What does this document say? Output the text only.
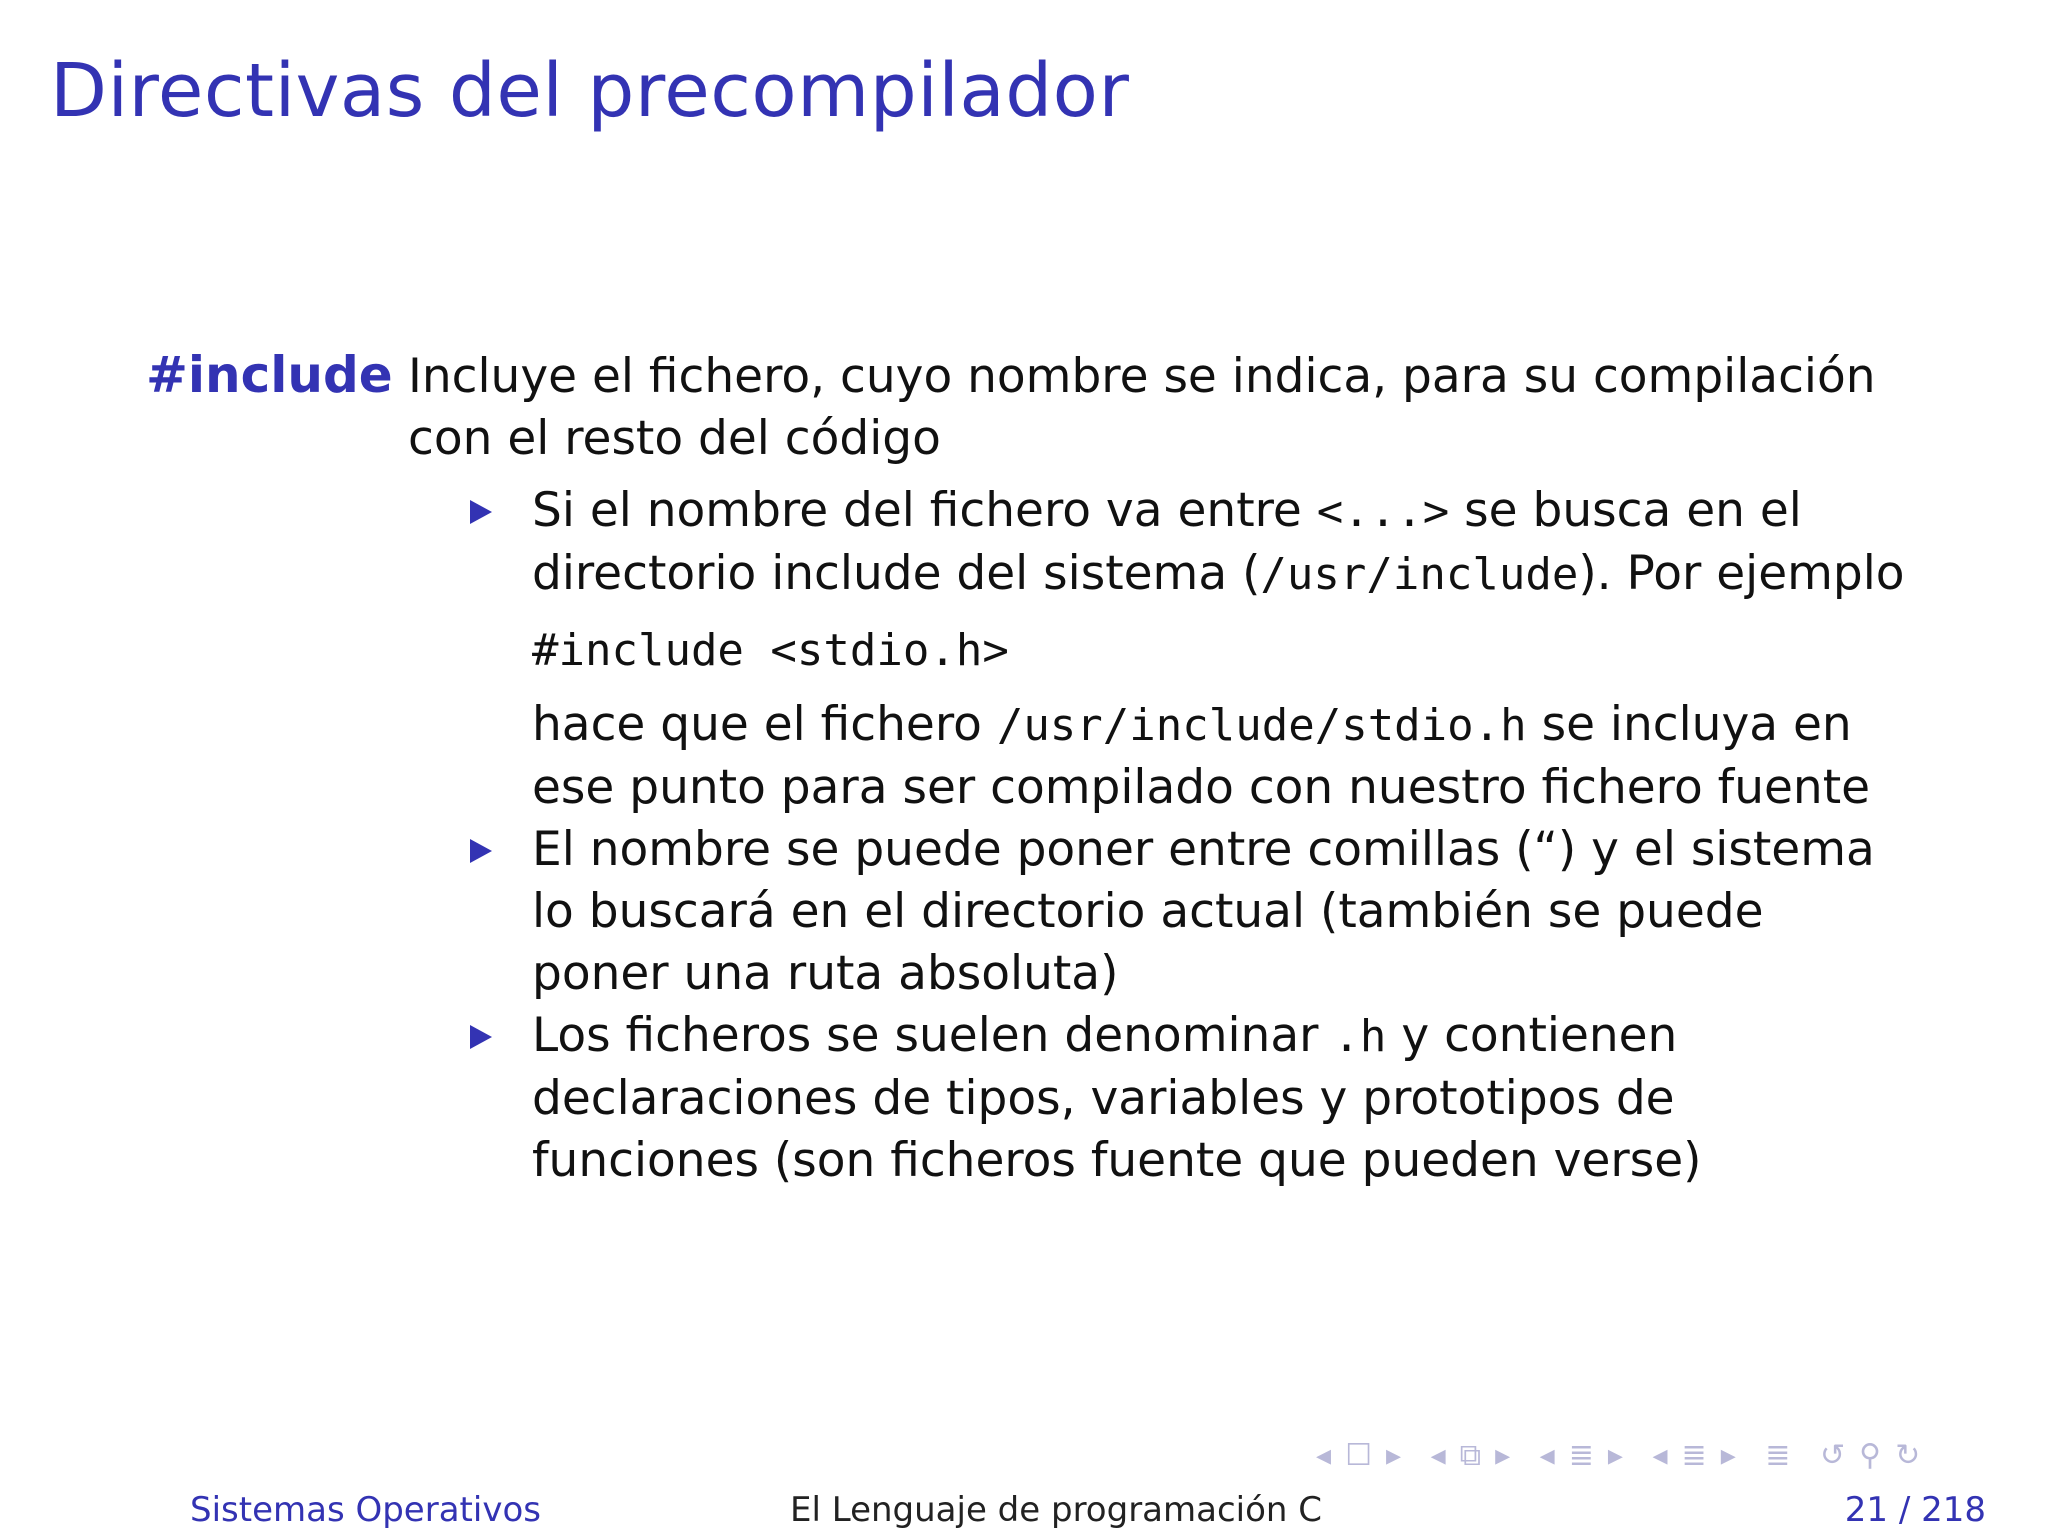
Directivas del precompilador
#include Incluye el fichero, cuyo nombre se indica, para su compilación
con el resto del código
Si el nombre del fichero va entre <...> se busca en el directorio include del sistema (/usr/include). Por ejemplo
#include <stdio.h>
hace que el fichero /usr/include/stdio.h se incluya en ese punto para ser compilado con nuestro fichero fuente
El nombre se puede poner entre comillas (“) y el sistema lo buscará en el directorio actual (también se puede poner una ruta absoluta)
Los ficheros se suelen denominar .h y contienen declaraciones de tipos, variables y prototipos de funciones (son ficheros fuente que pueden verse)
◂ ☐ ▸ ◂ ⧉ ▸ ◂ ≣ ▸ ◂ ≣ ▸ ≣ ↺ ⚲ ↻
Sistemas Operativos	El Lenguaje de programación C	21 / 218
